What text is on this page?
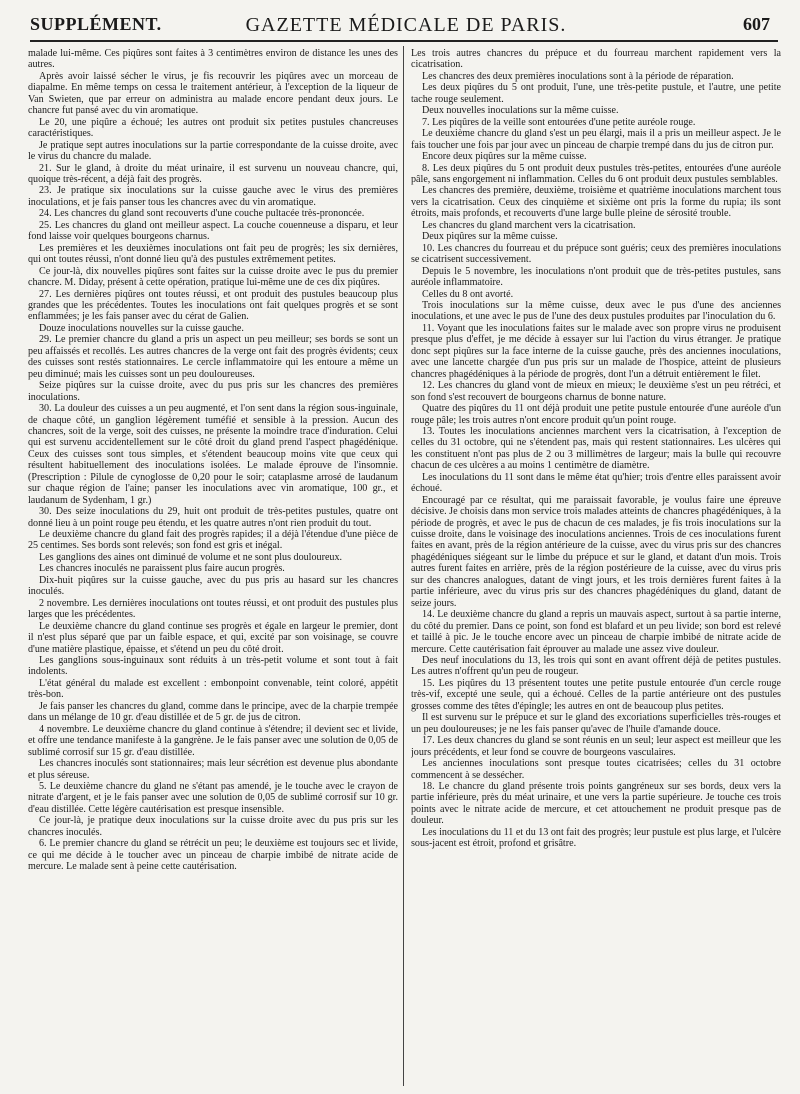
SUPPLÉMENT.	GAZETTE MÉDICALE DE PARIS.	607

malade lui-même. Ces piqûres sont faites à 3 centimètres environ de distance les unes des autres.

Après avoir laissé sécher le virus, je fis recouvrir les piqûres avec un morceau de diapalme. En même temps on cessa le traitement antérieur, à l'exception de la liqueur de Van Swieten, que par erreur on administra au malade encore pendant deux jours. Le chancre fut pansé avec du vin aromatique.

Le 20, une piqûre a échoué; les autres ont produit six petites pustules chancreuses caractéristiques.

Je pratique sept autres inoculations sur la partie correspondante de la cuisse droite, avec le virus du chancre du malade.

21. Sur le gland, à droite du méat urinaire, il est survenu un nouveau chancre, qui, quoique très-récent, a déjà fait des progrès.

23. Je pratique six inoculations sur la cuisse gauche avec le virus des premières inoculations, et je fais panser tous les chancres avec du vin aromatique.

24. Les chancres du gland sont recouverts d'une couche pultacée très-prononcée.

25. Les chancres du gland ont meilleur aspect. La couche couenneuse a disparu, et leur fond laisse voir quelques bourgeons charnus.

Les premières et les deuxièmes inoculations ont fait peu de progrès; les six dernières, qui ont toutes réussi, n'ont donné lieu qu'à des pustules extrêmement petites.

Ce jour-là, dix nouvelles piqûres sont faites sur la cuisse droite avec le pus du premier chancre. M. Diday, présent à cette opération, pratique lui-même une de ces dix piqûres.

27. Les dernières piqûres ont toutes réussi, et ont produit des pustules beaucoup plus grandes que les précédentes. Toutes les inoculations ont fait quelques progrès et se sont enflammées; je les fais panser avec du cérat de Galien.

Douze inoculations nouvelles sur la cuisse gauche.

29. Le premier chancre du gland a pris un aspect un peu meilleur; ses bords se sont un peu affaissés et recollés. Les autres chancres de la verge ont fait des progrès évidents; ceux des cuisses sont restés stationnaires. Le cercle inflammatoire qui les entoure a même un peu diminué; mais les cuisses sont un peu douloureuses.

Seize piqûres sur la cuisse droite, avec du pus pris sur les chancres des premières inoculations.

30. La douleur des cuisses a un peu augmenté, et l'on sent dans la région sous-inguinale, de chaque côté, un ganglion légèrement tuméfié et sensible à la pression. Aucun des chancres, soit de la verge, soit des cuisses, ne présente la moindre trace d'induration. Celui qui est survenu accidentellement sur le côté droit du gland prend l'aspect phagédénique. Ceux des cuisses sont tous simples, et s'étendent beaucoup moins vite que ceux qui résultent habituellement des inoculations isolées. Le malade éprouve de l'insomnie. (Prescription : Pilule de cynoglosse de 0,20 pour le soir; cataplasme arrosé de laudanum sur chaque région de l'aine; panser les inoculations avec vin aromatique, 100 gr., et laudanum de Sydenham, 1 gr.)

30. Des seize inoculations du 29, huit ont produit de très-petites pustules, quatre ont donné lieu à un point rouge peu étendu, et les quatre autres n'ont rien produit du tout.

Le deuxième chancre du gland fait des progrès rapides; il a déjà l'étendue d'une pièce de 25 centimes. Ses bords sont relevés; son fond est gris et inégal.

Les ganglions des aines ont diminué de volume et ne sont plus douloureux.

Les chancres inoculés ne paraissent plus faire aucun progrès.

Dix-huit piqûres sur la cuisse gauche, avec du pus pris au hasard sur les chancres inoculés.

2 novembre. Les dernières inoculations ont toutes réussi, et ont produit des pustules plus larges que les précédentes.

Le deuxième chancre du gland continue ses progrès et égale en largeur le premier, dont il n'est plus séparé que par un faible espace, et qui, excité par son voisinage, se couvre d'une matière plastique, épaisse, et s'étend un peu du côté droit.

Les ganglions sous-inguinaux sont réduits à un très-petit volume et sont tout à fait indolents.

L'état général du malade est excellent : embonpoint convenable, teint coloré, appétit très-bon.

Je fais panser les chancres du gland, comme dans le principe, avec de la charpie trempée dans un mélange de 10 gr. d'eau distillée et de 5 gr. de jus de citron.

4 novembre. Le deuxième chancre du gland continue à s'étendre; il devient sec et livide, et offre une tendance manifeste à la gangrène. Je le fais panser avec une solution de 0,05 de sublimé corrosif sur 15 gr. d'eau distillée.

Les chancres inoculés sont stationnaires; mais leur sécrétion est devenue plus abondante et plus séreuse.

5. Le deuxième chancre du gland ne s'étant pas amendé, je le touche avec le crayon de nitrate d'argent, et je le fais panser avec une solution de 0,05 de sublimé corrosif sur 10 gr. d'eau distillée. Cette légère cautérisation est presque insensible.

Ce jour-là, je pratique deux inoculations sur la cuisse droite avec du pus pris sur les chancres inoculés.

6. Le premier chancre du gland se rétrécit un peu; le deuxième est toujours sec et livide, ce qui me décide à le toucher avec un pinceau de charpie imbibé de nitrate acide de mercure. Le malade sent à peine cette cautérisation.

Les trois autres chancres du prépuce et du fourreau marchent rapidement vers la cicatrisation.

Les chancres des deux premières inoculations sont à la période de réparation.

Les deux piqûres du 5 ont produit, l'une, une très-petite pustule, et l'autre, une petite tache rouge seulement.

Deux nouvelles inoculations sur la même cuisse.

7. Les piqûres de la veille sont entourées d'une petite auréole rouge.

Le deuxième chancre du gland s'est un peu élargi, mais il a pris un meilleur aspect. Je le fais toucher une fois par jour avec un pinceau de charpie trempé dans du jus de citron pur.

Encore deux piqûres sur la même cuisse.

8. Les deux piqûres du 5 ont produit deux pustules très-petites, entourées d'une auréole pâle, sans engorgement ni inflammation. Celles du 6 ont produit deux pustules semblables.

Les chancres des première, deuxième, troisième et quatrième inoculations marchent tous vers la cicatrisation. Ceux des cinquième et sixième ont pris la forme du rupia; ils sont étroits, mais profonds, et recouverts d'une large bulle pleine de sérosité trouble.

Les chancres du gland marchent vers la cicatrisation.

Deux piqûres sur la même cuisse.

10. Les chancres du fourreau et du prépuce sont guéris; ceux des premières inoculations se cicatrisent successivement.

Depuis le 5 novembre, les inoculations n'ont produit que de très-petites pustules, sans auréole inflammatoire.

Celles du 8 ont avorté.

Trois inoculations sur la même cuisse, deux avec le pus d'une des anciennes inoculations, et une avec le pus de l'une des deux pustules produites par l'inoculation du 6.

11. Voyant que les inoculations faites sur le malade avec son propre virus ne produisent presque plus d'effet, je me décide à essayer sur lui l'action du virus étranger. Je pratique donc sept piqûres sur la face interne de la cuisse gauche, près des anciennes inoculations, avec une lancette chargée d'un pus pris sur un malade de l'hospice, atteint de plusieurs chancres phagédéniques à la période de progrès, dont l'un a détruit entièrement le filet.

12. Les chancres du gland vont de mieux en mieux; le deuxième s'est un peu rétréci, et son fond s'est recouvert de bourgeons charnus de bonne nature.

Quatre des piqûres du 11 ont déjà produit une petite pustule entourée d'une auréole d'un rouge pâle; les trois autres n'ont encore produit qu'un point rouge.

13. Toutes les inoculations anciennes marchent vers la cicatrisation, à l'exception de celles du 31 octobre, qui ne s'étendent pas, mais qui restent stationnaires. Les ulcères qui les constituent n'ont pas plus de 2 ou 3 millimètres de largeur; mais la bulle qui recouvre chacun de ces ulcères a au moins 1 centimètre de diamètre.

Les inoculations du 11 sont dans le même état qu'hier; trois d'entre elles paraissent avoir échoué.

Encouragé par ce résultat, qui me paraissait favorable, je voulus faire une épreuve décisive. Je choisis dans mon service trois malades atteints de chancres phagédéniques, à la période de progrès, et avec le pus de chacun de ces malades, je fis trois inoculations sur la cuisse droite, dans le voisinage des inoculations anciennes. Trois de ces inoculations furent faites en avant, près de la région antérieure de la cuisse, avec du virus pris sur des chancres phagédéniques siégeant sur le limbe du prépuce et sur le gland, et datant d'un mois. Trois autres furent faites en arrière, près de la région postérieure de la cuisse, avec du virus pris sur des chancres analogues, datant de vingt jours, et les trois dernières furent faites à la partie inférieure, avec du virus pris sur des chancres phagédéniques du gland, datant de seize jours.

14. Le deuxième chancre du gland a repris un mauvais aspect, surtout à sa partie interne, du côté du premier. Dans ce point, son fond est blafard et un peu livide; son bord est relevé et taillé à pic. Je le touche encore avec un pinceau de charpie imbibé de nitrate acide de mercure. Cette cautérisation fait éprouver au malade une assez vive douleur.

Des neuf inoculations du 13, les trois qui sont en avant offrent déjà de petites pustules. Les autres n'offrent qu'un peu de rougeur.

15. Les piqûres du 13 présentent toutes une petite pustule entourée d'un cercle rouge très-vif, excepté une seule, qui a échoué. Celles de la partie antérieure ont des pustules grosses comme des têtes d'épingle; les autres en ont de beaucoup plus petites.

Il est survenu sur le prépuce et sur le gland des excoriations superficielles très-rouges et un peu douloureuses; je ne les fais panser qu'avec de l'huile d'amande douce.

17. Les deux chancres du gland se sont réunis en un seul; leur aspect est meilleur que les jours précédents, et leur fond se couvre de bourgeons vasculaires.

Les anciennes inoculations sont presque toutes cicatrisées; celles du 31 octobre commencent à se dessécher.

18. Le chancre du gland présente trois points gangréneux sur ses bords, deux vers la partie inférieure, près du méat urinaire, et une vers la partie supérieure. Je touche ces trois points avec le nitrate acide de mercure, et cet attouchement ne produit presque pas de douleur.

Les inoculations du 11 et du 13 ont fait des progrès; leur pustule est plus large, et l'ulcère sous-jacent est étroit, profond et grisâtre.
